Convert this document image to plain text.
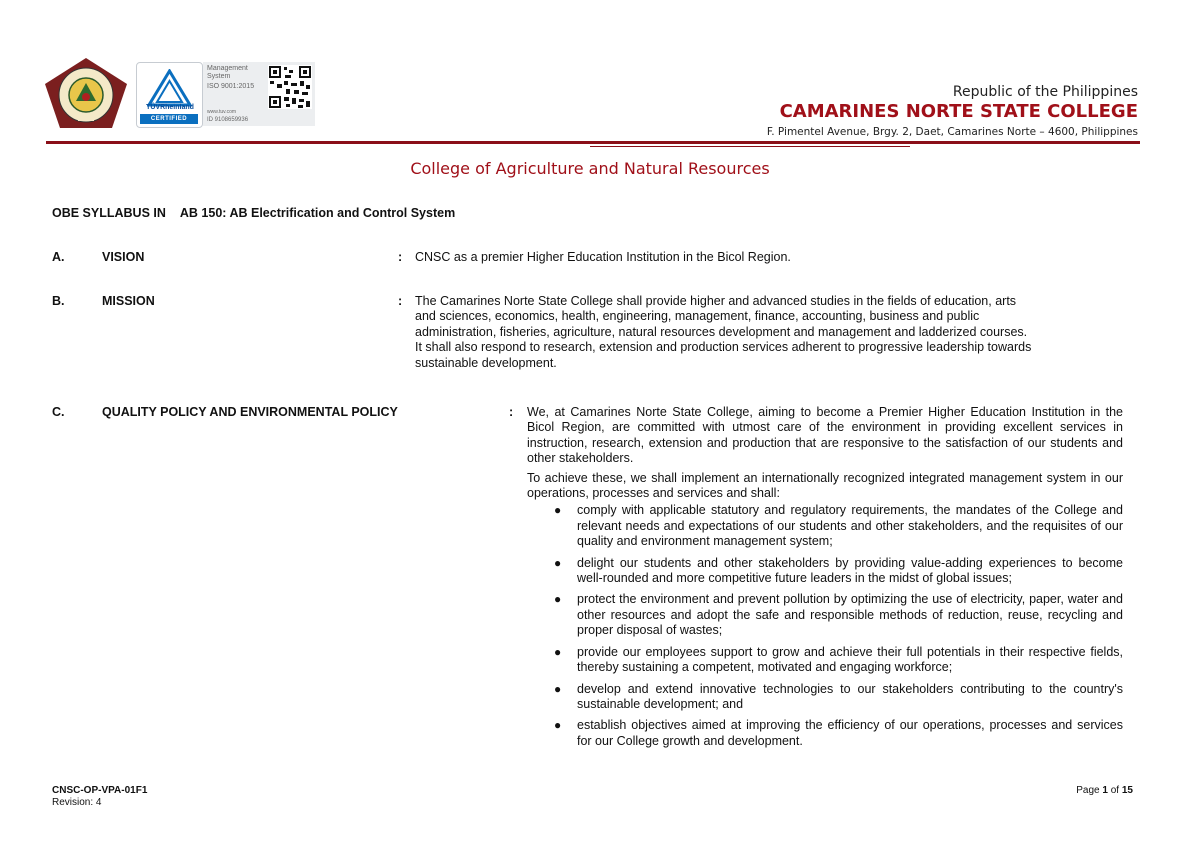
TÜVRheinland
CERTIFIED
Management
System
ISO 9001:2015
www.tuv.com
ID 9108659936
Republic of the Philippines
CAMARINES NORTE STATE COLLEGE
F. Pimentel Avenue, Brgy. 2, Daet, Camarines Norte – 4600, Philippines
College of Agriculture and Natural Resources
OBE SYLLABUS IN AB 150: AB Electrification and Control System
A.	VISION	: CNSC as a premier Higher Education Institution in the Bicol Region.
B.	MISSION	: The Camarines Norte State College shall provide higher and advanced studies in the fields of education, arts
and sciences, economics, health, engineering, management, finance, accounting, business and public
administration, fisheries, agriculture, natural resources development and management and ladderized courses.
It shall also respond to research, extension and production services adherent to progressive leadership towards
sustainable development.
C.	QUALITY POLICY AND ENVIRONMENTAL POLICY	: We, at Camarines Norte State College, aiming to become a Premier Higher Education Institution in the Bicol Region, are committed with utmost care of the environment in providing excellent services in instruction, research, extension and production that are responsive to the satisfaction of our students and other stakeholders.
To achieve these, we shall implement an internationally recognized integrated management system in our operations, processes and services and shall:
● comply with applicable statutory and regulatory requirements, the mandates of the College and relevant needs and expectations of our students and other stakeholders, and the requisites of our quality and environment management system;
● delight our students and other stakeholders by providing value-adding experiences to become well-rounded and more competitive future leaders in the midst of global issues;
● protect the environment and prevent pollution by optimizing the use of electricity, paper, water and other resources and adopt the safe and responsible methods of reduction, reuse, recycling and proper disposal of wastes;
● provide our employees support to grow and achieve their full potentials in their respective fields, thereby sustaining a competent, motivated and engaging workforce;
● develop and extend innovative technologies to our stakeholders contributing to the country's sustainable development; and
● establish objectives aimed at improving the efficiency of our operations, processes and services for our College growth and development.
CNSC-OP-VPA-01F1
Revision: 4
Page 1 of 15
